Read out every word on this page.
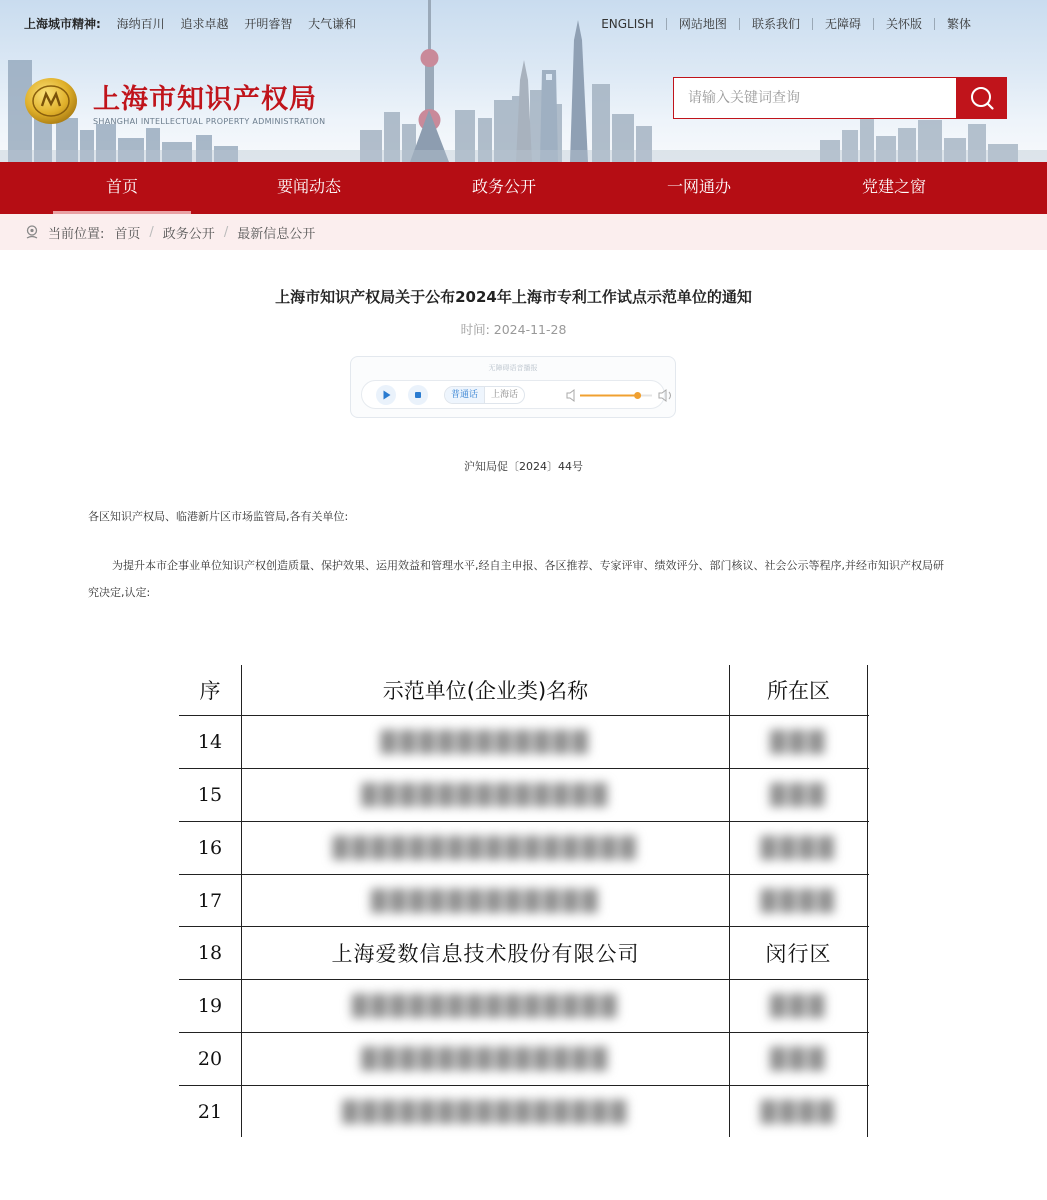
上海城市精神: 海纳百川 追求卓越 开明睿智 大气谦和	ENGLISH	网站地图	联系我们	无障碍	关怀版	繁体
上海市知识产权局
SHANGHAI INTELLECTUAL PROPERTY ADMINISTRATION
请输入关键词查询
首页	要闻动态	政务公开	一网通办	党建之窗
当前位置: 首页 / 政务公开 / 最新信息公开
上海市知识产权局关于公布2024年上海市专利工作试点示范单位的通知
时间: 2024-11-28
无障碍语音播报
普通话	上海话
沪知局促〔2024〕44号
各区知识产权局、临港新片区市场监管局,各有关单位:
为提升本市企事业单位知识产权创造质量、保护效果、运用效益和管理水平,经自主申报、各区推荐、专家评审、绩效评分、部门核议、社会公示等程序,并经市知识产权局研究决定,认定:
序	示范单位(企业类)名称	所在区
14	▓▓▓▓▓▓▓▓▓▓▓	▓▓▓
15	▓▓▓▓▓▓▓▓▓▓▓▓▓	▓▓▓
16	▓▓▓▓▓▓▓▓▓▓▓▓▓▓▓▓	▓▓▓▓
17	▓▓▓▓▓▓▓▓▓▓▓▓	▓▓▓▓
18	上海爱数信息技术股份有限公司	闵行区
19	▓▓▓▓▓▓▓▓▓▓▓▓▓▓	▓▓▓
20	▓▓▓▓▓▓▓▓▓▓▓▓▓	▓▓▓
21	▓▓▓▓▓▓▓▓▓▓▓▓▓▓▓	▓▓▓▓
